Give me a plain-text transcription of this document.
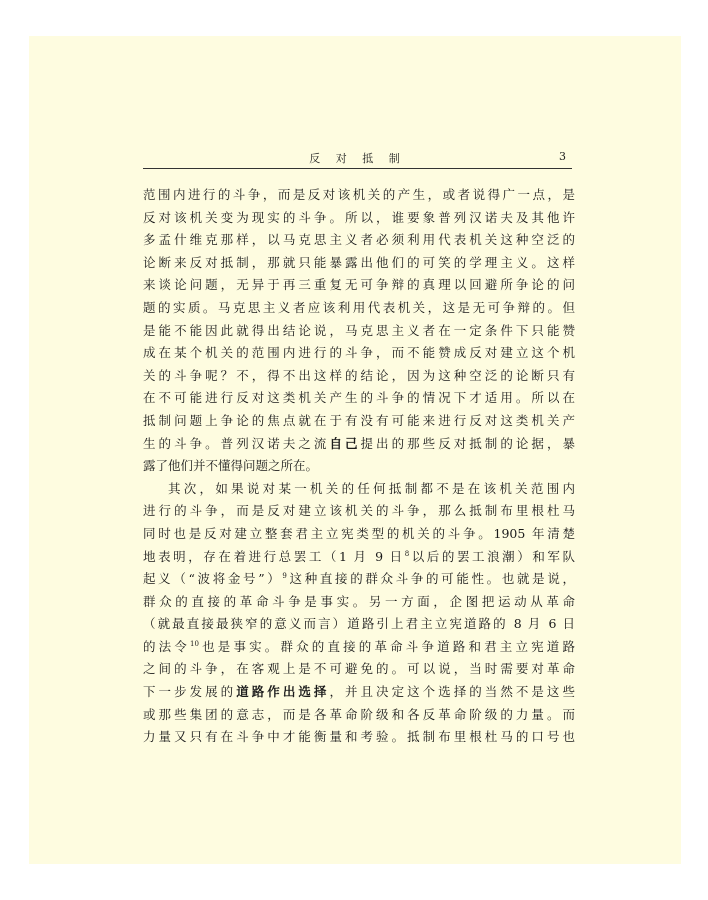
反 对 抵 制	3
范围内进行的斗争，而是反对该机关的产生，或者说得广一点，是
反对该机关变为现实的斗争。所以，谁要象普列汉诺夫及其他许
多孟什维克那样，以马克思主义者必须利用代表机关这种空泛的
论断来反对抵制，那就只能暴露出他们的可笑的学理主义。这样
来谈论问题，无异于再三重复无可争辩的真理以回避所争论的问
题的实质。马克思主义者应该利用代表机关，这是无可争辩的。但
是能不能因此就得出结论说，马克思主义者在一定条件下只能赞
成在某个机关的范围内进行的斗争，而不能赞成反对建立这个机
关的斗争呢？不，得不出这样的结论，因为这种空泛的论断只有
在不可能进行反对这类机关产生的斗争的情况下才适用。所以在
抵制问题上争论的焦点就在于有没有可能来进行反对这类机关产
生的斗争。普列汉诺夫之流自己提出的那些反对抵制的论据，暴
露了他们并不懂得问题之所在。
其次，如果说对某一机关的任何抵制都不是在该机关范围内
进行的斗争，而是反对建立该机关的斗争，那么抵制布里根杜马
同时也是反对建立整套君主立宪类型的机关的斗争。1905 年清楚
地表明，存在着进行总罢工（1 月 9 日$^8$以后的罢工浪潮）和军队
起义（“波将金号”）$^9$这种直接的群众斗争的可能性。也就是说，
群众的直接的革命斗争是事实。另一方面，企图把运动从革命
（就最直接最狭窄的意义而言）道路引上君主立宪道路的 8 月 6 日
的法令$^{10}$也是事实。群众的直接的革命斗争道路和君主立宪道路
之间的斗争，在客观上是不可避免的。可以说，当时需要对革命
下一步发展的道路作出选择，并且决定这个选择的当然不是这些
或那些集团的意志，而是各革命阶级和各反革命阶级的力量。而
力量又只有在斗争中才能衡量和考验。抵制布里根杜马的口号也
